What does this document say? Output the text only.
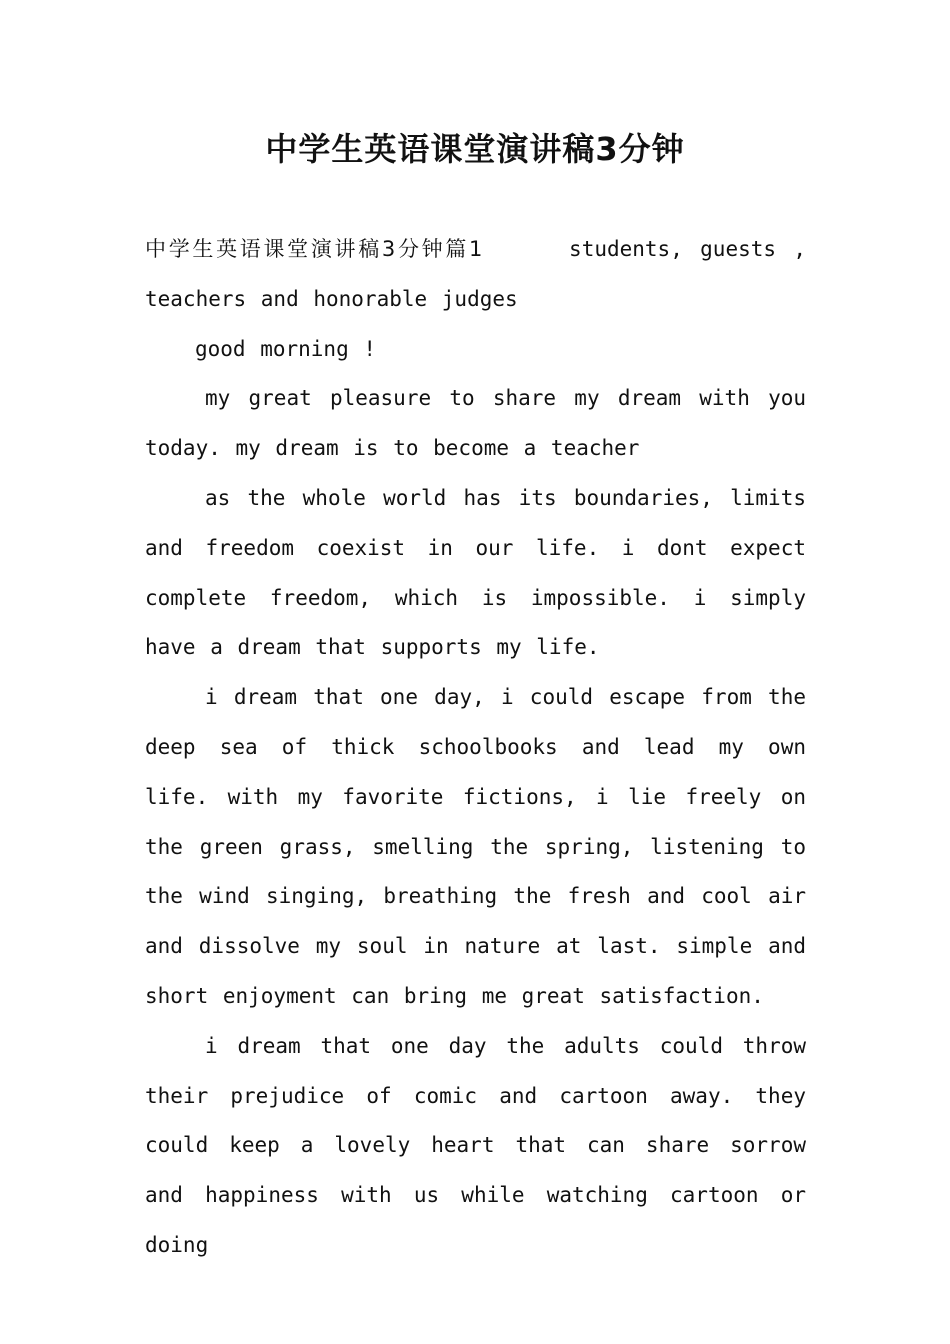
中学生英语课堂演讲稿3分钟

中学生英语课堂演讲稿3分钟篇1	students, guests , teachers and honorable judges

good morning !

my great pleasure to share my dream with you today. my dream is to become a teacher

as the whole world has its boundaries, limits and freedom coexist in our life. i dont expect complete freedom, which is impossible. i simply have a dream that supports my life.

i dream that one day, i could escape from the deep sea of thick schoolbooks and lead my own life. with my favorite fictions, i lie freely on the green grass, smelling the spring, listening to the wind singing, breathing the fresh and cool air and dissolve my soul in nature at last. simple and short enjoyment can bring me great satisfaction.

i dream that one day the adults could throw their prejudice of comic and cartoon away. they could keep a lovely heart that can share sorrow and happiness with us while watching cartoon or doing
